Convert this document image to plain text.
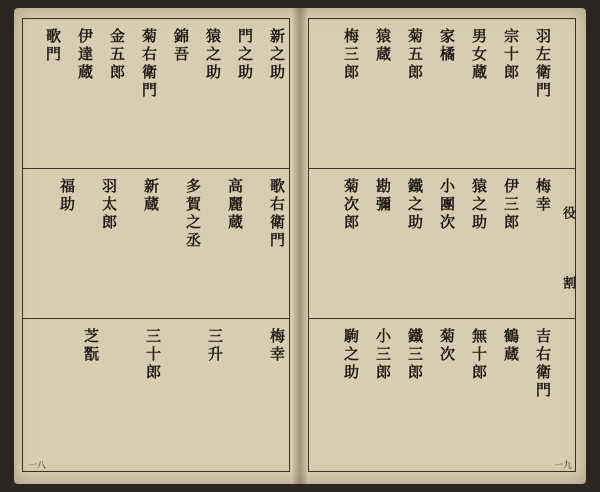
新之助
門之助
猿之助
錦吾
菊右衛門
金五郎
伊達蔵
歌門
歌右衛門
高麗蔵
多賀之丞
新蔵
羽太郎
福助
梅幸
三升
三十郎
芝翫
一八
役
割
羽左衛門
宗十郎
男女蔵
家橘
菊五郎
猿蔵
梅三郎
梅幸
伊三郎
猿之助
小團次
鐵之助
勘彌
菊次郎
吉右衛門
鶴蔵
無十郎
菊次
鐵三郎
小三郎
駒之助
一九
